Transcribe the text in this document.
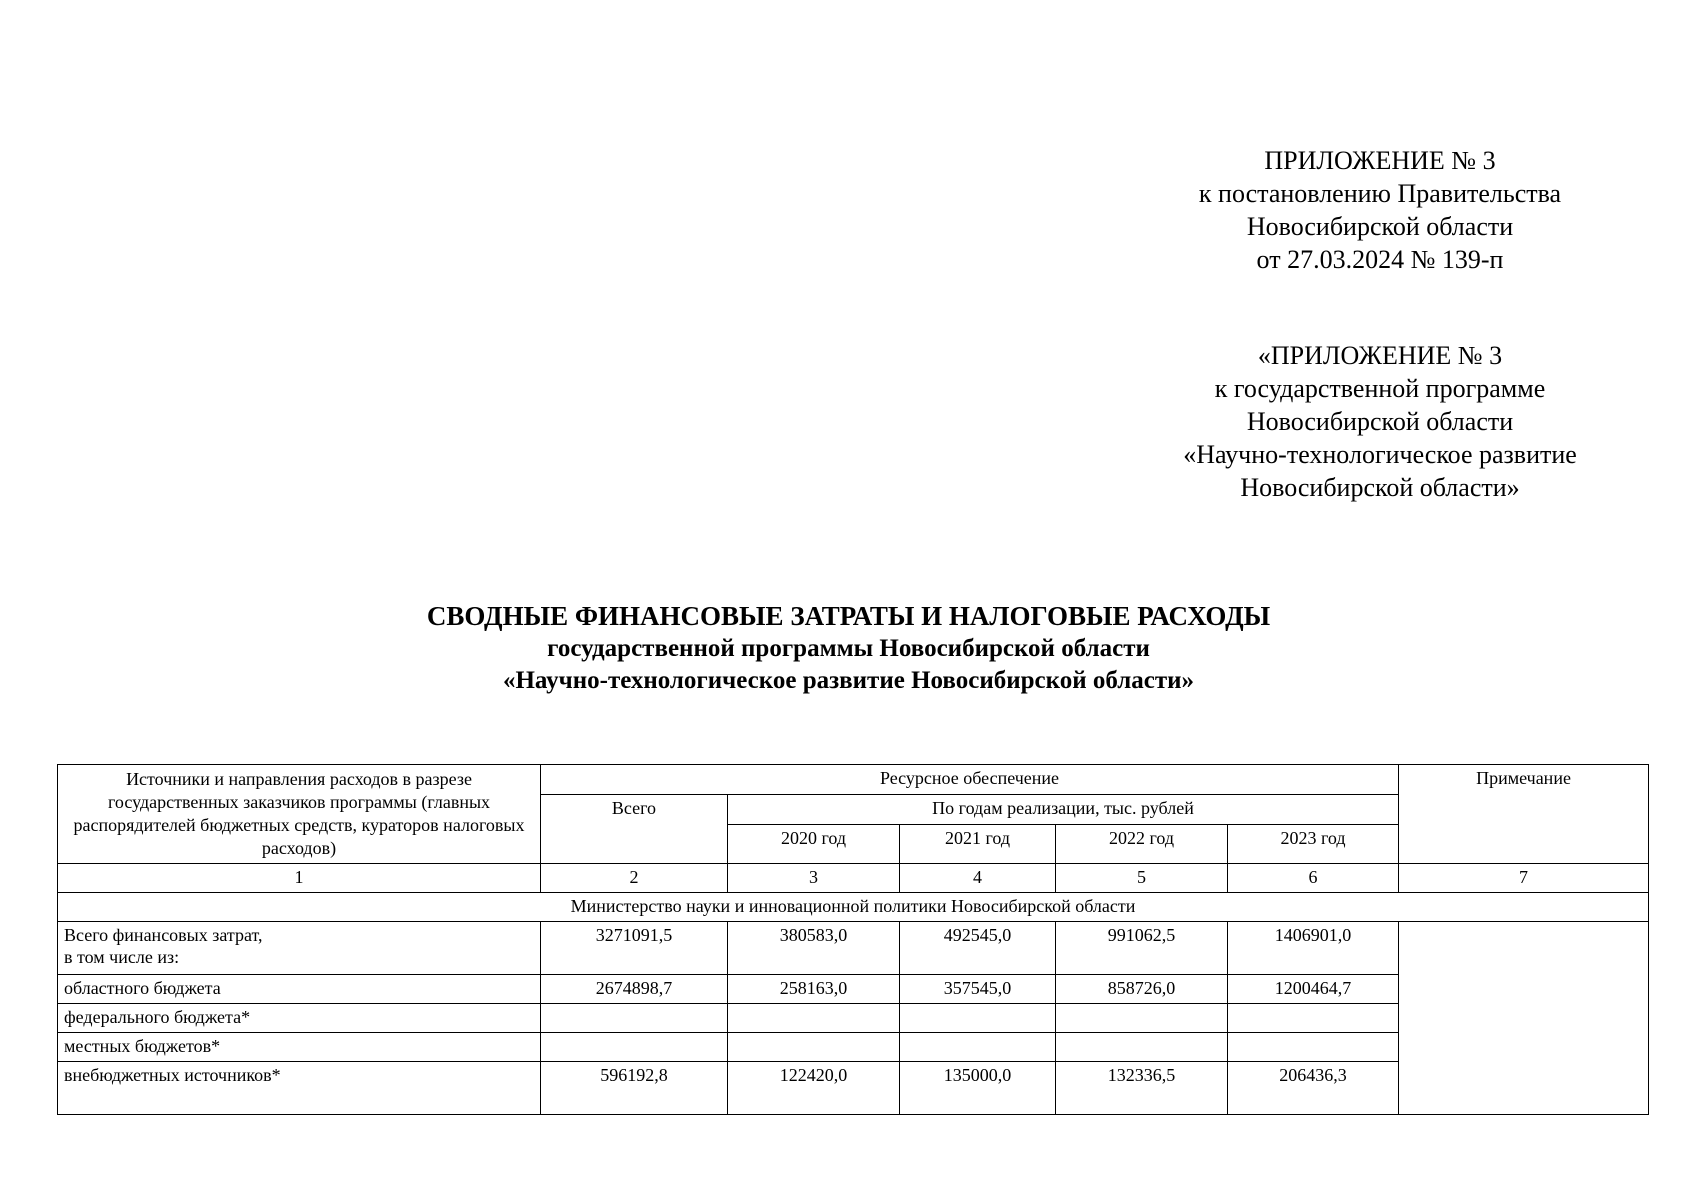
ПРИЛОЖЕНИЕ № 3
к постановлению Правительства
Новосибирской области
от 27.03.2024 № 139-п
«ПРИЛОЖЕНИЕ № 3
к государственной программе
Новосибирской области
«Научно-технологическое развитие
Новосибирской области»
СВОДНЫЕ ФИНАНСОВЫЕ ЗАТРАТЫ И НАЛОГОВЫЕ РАСХОДЫ
государственной программы Новосибирской области
«Научно-технологическое развитие Новосибирской области»
Источники и направления расходов в разрезе государственных заказчиков программы (главных распорядителей бюджетных средств, кураторов налоговых расходов)	Ресурсное обеспечение					Примечание
	Всего	По годам реализации, тыс. рублей				
		2020 год	2021 год	2022 год	2023 год	
1	2	3	4	5	6	7
Министерство науки и инновационной политики Новосибирской области						

Всего финансовых затрат,
в том числе из:	3271091,5	380583,0	492545,0	991062,5	1406901,0	
областного бюджета	2674898,7	258163,0	357545,0	858726,0	1200464,7	
федерального бюджета*						
местных бюджетов*						
внебюджетных источников*	596192,8	122420,0	135000,0	132336,5	206436,3	
